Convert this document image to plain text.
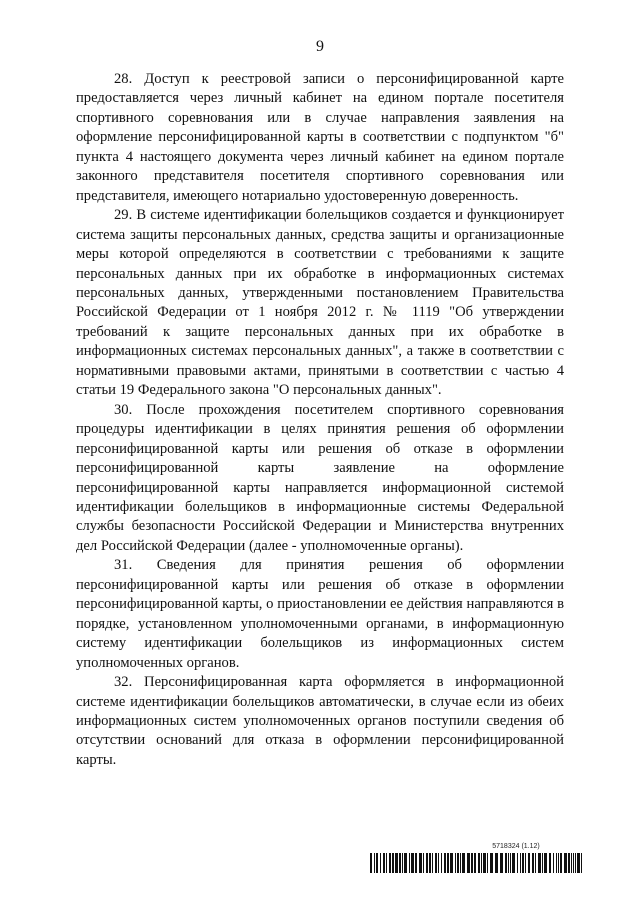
9

28. Доступ к реестровой записи о персонифицированной карте предоставляется через личный кабинет на едином портале посетителя спортивного соревнования или в случае направления заявления на оформление персонифицированной карты в соответствии с подпунктом "б" пункта 4 настоящего документа через личный кабинет на едином портале законного представителя посетителя спортивного соревнования или представителя, имеющего нотариально удостоверенную доверенность.

29. В системе идентификации болельщиков создается и функционирует система защиты персональных данных, средства защиты и организационные меры которой определяются в соответствии с требованиями к защите персональных данных при их обработке в информационных системах персональных данных, утвержденными постановлением Правительства Российской Федерации от 1 ноября 2012 г. № 1119 "Об утверждении требований к защите персональных данных при их обработке в информационных системах персональных данных", а также в соответствии с нормативными правовыми актами, принятыми в соответствии с частью 4 статьи 19 Федерального закона "О персональных данных".

30. После прохождения посетителем спортивного соревнования процедуры идентификации в целях принятия решения об оформлении персонифицированной карты или решения об отказе в оформлении персонифицированной карты заявление на оформление персонифицированной карты направляется информационной системой идентификации болельщиков в информационные системы Федеральной службы безопасности Российской Федерации и Министерства внутренних дел Российской Федерации (далее - уполномоченные органы).

31. Сведения для принятия решения об оформлении персонифицированной карты или решения об отказе в оформлении персонифицированной карты, о приостановлении ее действия направляются в порядке, установленном уполномоченными органами, в информационную систему идентификации болельщиков из информационных систем уполномоченных органов.

32. Персонифицированная карта оформляется в информационной системе идентификации болельщиков автоматически, в случае если из обеих информационных систем уполномоченных органов поступили сведения об отсутствии оснований для отказа в оформлении персонифицированной карты.

5718324 (1.12)
